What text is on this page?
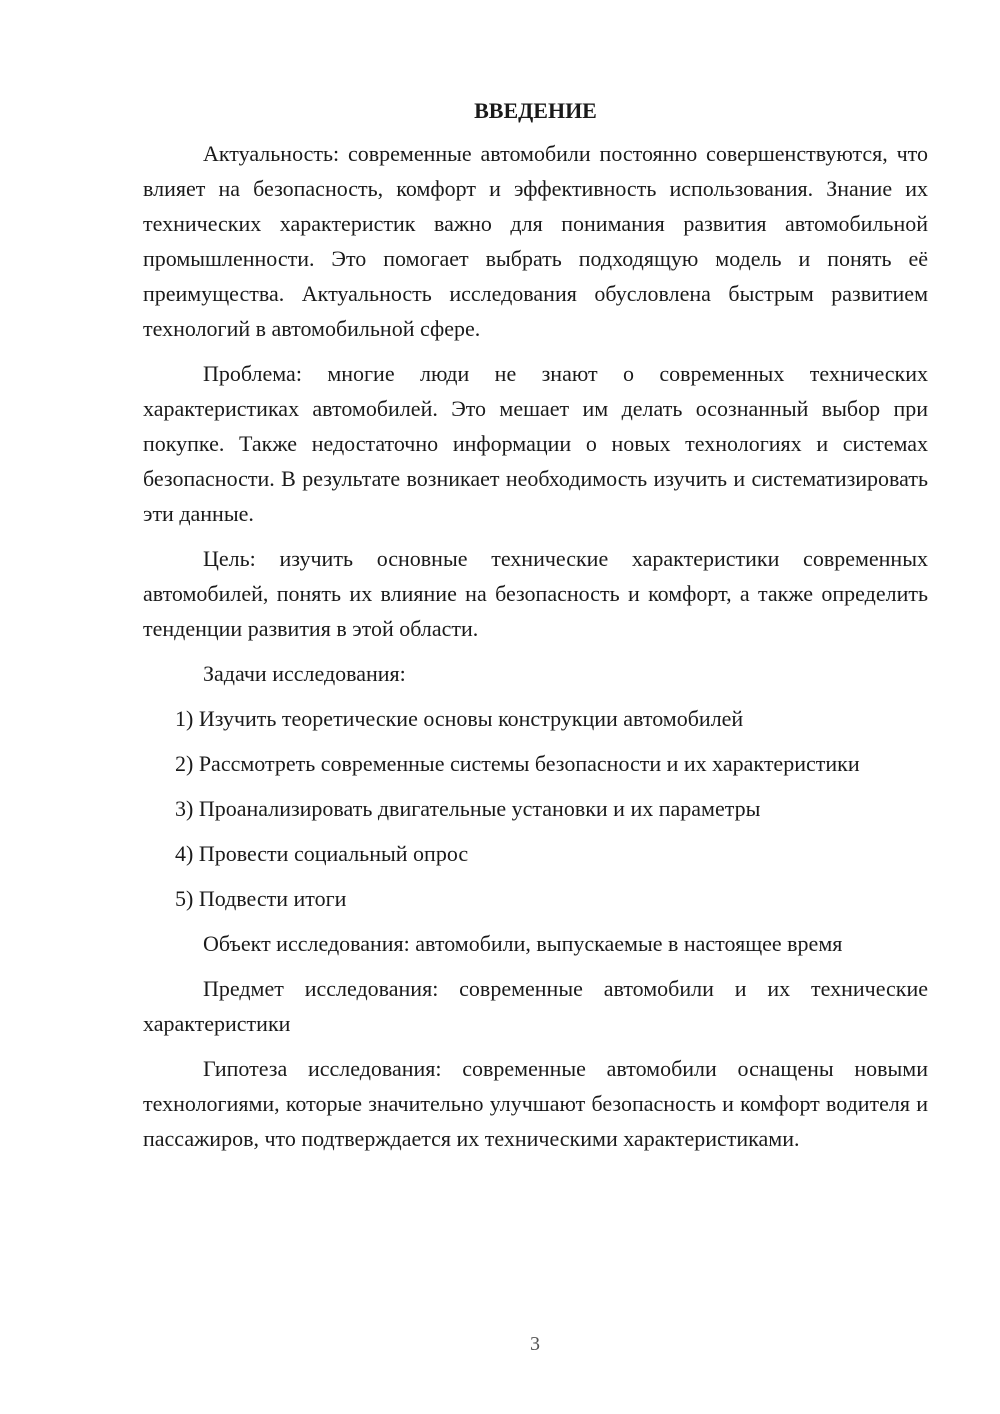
ВВЕДЕНИЕ

Актуальность: современные автомобили постоянно совершенствуются, что влияет на безопасность, комфорт и эффективность использования. Знание их технических характеристик важно для понимания развития автомобильной промышленности. Это помогает выбрать подходящую модель и понять её преимущества. Актуальность исследования обусловлена быстрым развитием технологий в автомобильной сфере.

Проблема: многие люди не знают о современных технических характеристиках автомобилей. Это мешает им делать осознанный выбор при покупке. Также недостаточно информации о новых технологиях и системах безопасности. В результате возникает необходимость изучить и систематизировать эти данные.

Цель: изучить основные технические характеристики современных автомобилей, понять их влияние на безопасность и комфорт, а также определить тенденции развития в этой области.

Задачи исследования:

1) Изучить теоретические основы конструкции автомобилей

2) Рассмотреть современные системы безопасности и их характеристики

3) Проанализировать двигательные установки и их параметры

4) Провести социальный опрос

5) Подвести итоги

Объект исследования: автомобили, выпускаемые в настоящее время

Предмет исследования: современные автомобили и их технические характеристики

Гипотеза исследования: современные автомобили оснащены новыми технологиями, которые значительно улучшают безопасность и комфорт водителя и пассажиров, что подтверждается их техническими характеристиками.

3
